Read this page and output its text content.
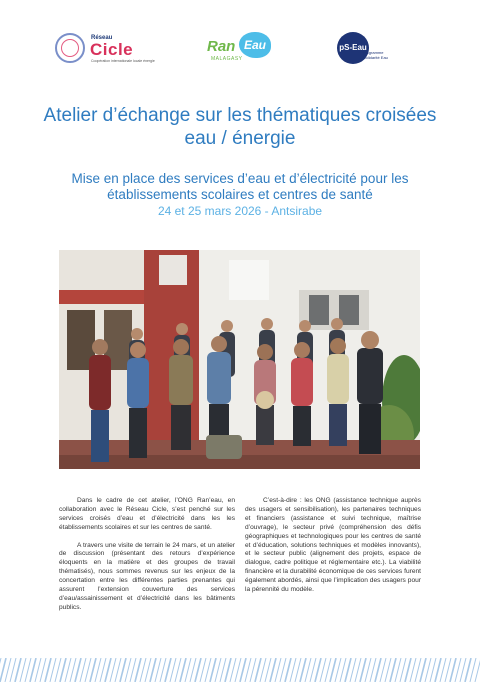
Réseau
Cicle
Coopération internationale locale énergie
Ran Eau
MALAGASY
pS-Eau
programme
Solidarité Eau
Atelier d’échange sur les thématiques croisées eau / énergie
Mise en place des services d’eau et d’électricité pour les établissements scolaires et centres de santé
24 et 25 mars 2026 - Antsirabe

Dans le cadre de cet atelier, l’ONG Ran’eau, en collaboration avec le Réseau Cicle, s’est penché sur les services croisés d’eau et d’électricité dans les les établissements scolaires et sur les centres de santé.

A travers une visite de terrain le 24 mars, et un atelier de discussion (présentant des retours d’expérience éloquents en la matière et des groupes de travail thématisés), nous sommes revenus sur les enjeux de la concertation entre les différentes parties prenantes qui assurent l’extension couverture des services d’eau/assainissement et d’électricité dans les bâtiments publics.

C’est-à-dire : les ONG (assistance technique auprès des usagers et sensibilisation), les partenaires techniques et financiers (assistance et suivi technique, maîtrise d’ouvrage), le secteur privé (compréhension des défis géographiques et technologiques pour les centres de santé et d’éducation, solutions techniques et modèles innovants), et le secteur public (alignement des projets, espace de dialogue, cadre politique et réglementaire etc.). La viabilité financière et la durabilité économique de ces services furent également abordés, ainsi que l’implication des usagers pour la pérennité du modèle.
